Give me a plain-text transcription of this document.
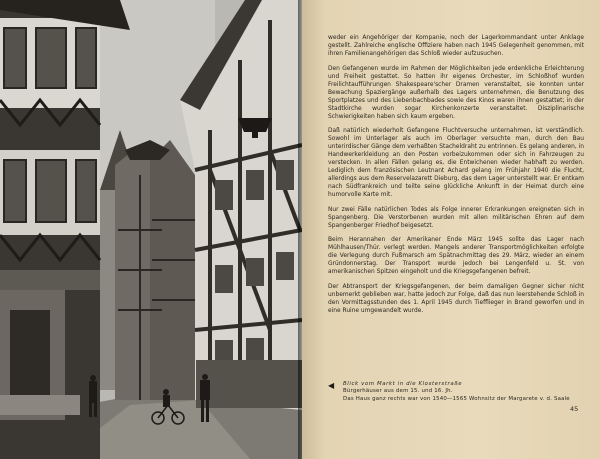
weder ein Angehöriger der Kompanie, noch der Lagerkommandant unter Anklage gestellt. Zahlreiche englische Offiziere haben nach 1945 Gelegenheit genommen, mit ihren Familienangehörigen das Schloß wieder aufzusuchen.

Den Gefangenen wurde im Rahmen der Möglichkeiten jede erdenkliche Erleichterung und Freiheit gestattet. So hatten ihr eigenes Orchester, im Schloßhof wurden Freilichtaufführungen Shakespeare'scher Dramen veranstaltet, sie konnten unter Bewachung Spaziergänge außerhalb des Lagers unternehmen, die Benutzung des Sportplatzes und des Liebenbachbades sowie des Kinos waren ihnen gestattet; in der Stadtkirche wurden sogar Kirchenkonzerte veranstaltet. Disziplinarische Schwierigkeiten haben sich kaum ergeben.

Daß natürlich wiederholt Gefangene Fluchtversuche unternahmen, ist verständlich. Sowohl im Unterlager als auch im Oberlager versuchte man, durch den Bau unterirdischer Gänge dem verhaßten Stacheldraht zu entrinnen. Es gelang anderen, in Handwerkerkleidung an den Posten vorbeizukommen oder sich in Fahrzeugen zu verstecken. In allen Fällen gelang es, die Entwichenen wieder habhaft zu werden. Lediglich dem französischen Leutnant Achard gelang im Frühjahr 1940 die Flucht, allerdings aus dem Reservelazarett Dieburg, das dem Lager unterstellt war. Er entkam nach Südfrankreich und teilte seine glückliche Ankunft in der Heimat durch eine humorvolle Karte mit.

Nur zwei Fälle natürlichen Todes als Folge innerer Erkrankungen ereigneten sich in Spangenberg. Die Verstorbenen wurden mit allen militärischen Ehren auf dem Spangenberger Friedhof beigesetzt.

Beim Herannahen der Amerikaner Ende März 1945 sollte das Lager nach Mühlhausen/Thür. verlegt werden. Mangels anderer Transportmöglichkeiten erfolgte die Verlegung durch Fußmarsch am Spätnachmittag des 29. März, wieder an einem Gründonnerstag. Der Transport wurde jedoch bei Lengenfeld u. St. von amerikanischen Spitzen eingeholt und die Kriegsgefangenen befreit.

Der Abtransport der Kriegsgefangenen, der beim damaligen Gegner sicher nicht unbemerkt geblieben war, hatte jedoch zur Folge, daß das nun leerstehende Schloß in den Vormittagsstunden des 1. April 1945 durch Tiefflieger in Brand geworfen und in eine Ruine umgewandelt wurde.

◀ Blick vom Markt in die Klosterstraße
Bürgerhäuser aus dem 15. und 16. Jh.
Das Haus ganz rechts war von 1540—1565 Wohnsitz der Margarete v. d. Saale
45
